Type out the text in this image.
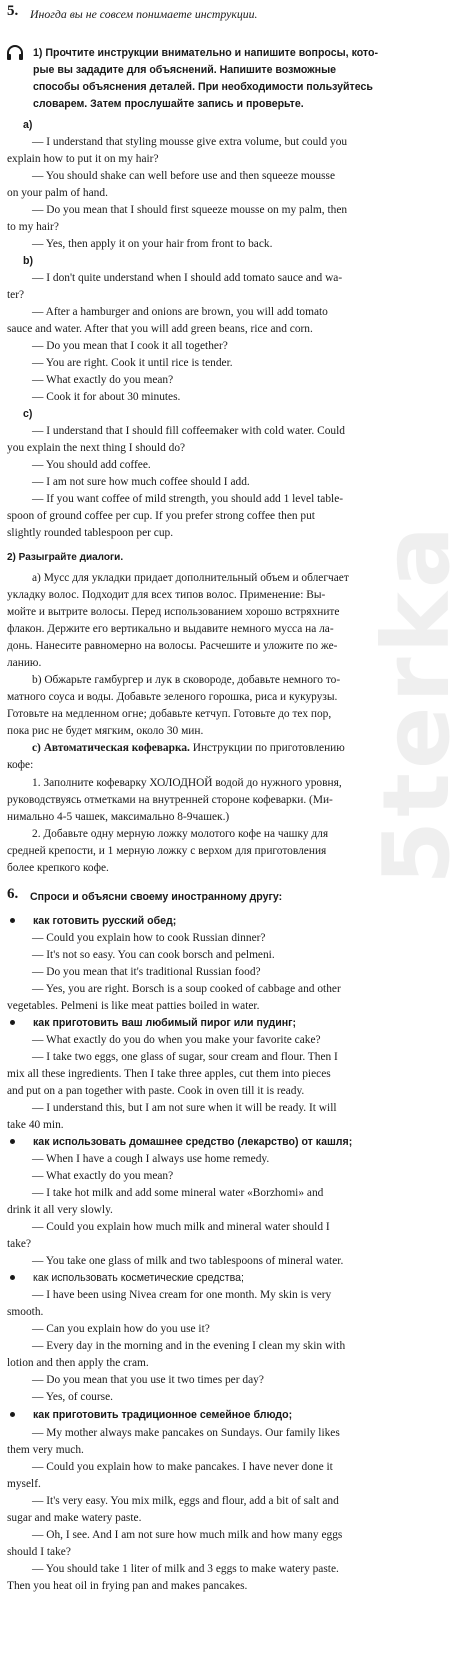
5terka
5. Иногда вы не совсем понимаете инструкции.
1) Прочтите инструкции внимательно и напишите вопросы, кото-
рые вы зададите для объяснений. Напишите возможные
способы объяснения деталей. При необходимости пользуйтесь
словарем. Затем прослушайте запись и проверьте.
a)
— I understand that styling mousse give extra volume, but could you
explain how to put it on my hair?
— You should shake can well before use and then squeeze mousse
on your palm of hand.
— Do you mean that I should first squeeze mousse on my palm, then
to my hair?
— Yes, then apply it on your hair from front to back.
b)
— I don't quite understand when I should add tomato sauce and wa-
ter?
— After a hamburger and onions are brown, you will add tomato
sauce and water. After that you will add green beans, rice and corn.
— Do you mean that I cook it all together?
— You are right. Cook it until rice is tender.
— What exactly do you mean?
— Cook it for about 30 minutes.
c)
— I understand that I should fill coffeemaker with cold water. Could
you explain the next thing I should do?
— You should add coffee.
— I am not sure how much coffee should I add.
— If you want coffee of mild strength, you should add 1 level table-
spoon of ground coffee per cup. If you prefer strong coffee then put
slightly rounded tablespoon per cup.
2) Разыграйте диалоги.
а) Мусс для укладки придает дополнительный объем и облегчает
укладку волос. Подходит для всех типов волос. Применение: Вы-
мойте и вытрите волосы. Перед использованием хорошо встряхните
флакон. Держите его вертикально и выдавите немного мусса на ла-
донь. Нанесите равномерно на волосы. Расчешите и уложите по же-
ланию.
b) Обжарьте гамбургер и лук в сковороде, добавьте немного то-
матного соуса и воды. Добавьте зеленого горошка, риса и кукурузы.
Готовьте на медленном огне; добавьте кетчуп. Готовьте до тех пор,
пока рис не будет мягким, около 30 мин.
с) Автоматическая кофеварка. Инструкции по приготовлению
кофе:
1. Заполните кофеварку ХОЛОДНОЙ водой до нужного уровня,
руководствуясь отметками на внутренней стороне кофеварки. (Ми-
нимально 4-5 чашек, максимально 8-9чашек.)
2. Добавьте одну мерную ложку молотого кофе на чашку для
средней крепости, и 1 мерную ложку с верхом для приготовления
более крепкого кофе.
6. Спроси и объясни своему иностранному другу:
как готовить русский обед;
— Could you explain how to cook Russian dinner?
— It's not so easy. You can cook borsch and pelmeni.
— Do you mean that it's traditional Russian food?
— Yes, you are right. Borsch is a soup cooked of cabbage and other
vegetables. Pelmeni is like meat patties boiled in water.
как приготовить ваш любимый пирог или пудинг;
— What exactly do you do when you make your favorite cake?
— I take two eggs, one glass of sugar, sour cream and flour. Then I
mix all these ingredients. Then I take three apples, cut them into pieces
and put on a pan together with paste. Cook in oven till it is ready.
— I understand this, but I am not sure when it will be ready. It will
take 40 min.
как использовать домашнее средство (лекарство) от кашля;
— When I have a cough I always use home remedy.
— What exactly do you mean?
— I take hot milk and add some mineral water «Borzhomi» and
drink it all very slowly.
— Could you explain how much milk and mineral water should I
take?
— You take one glass of milk and two tablespoons of mineral water.
как использовать косметические средства;
— I have been using Nivea cream for one month. My skin is very
smooth.
— Can you explain how do you use it?
— Every day in the morning and in the evening I clean my skin with
lotion and then apply the cram.
— Do you mean that you use it two times per day?
— Yes, of course.
как приготовить традиционное семейное блюдо;
— My mother always make pancakes on Sundays. Our family likes
them very much.
— Could you explain how to make pancakes. I have never done it
myself.
— It's very easy. You mix milk, eggs and flour, add a bit of salt and
sugar and make watery paste.
— Oh, I see. And I am not sure how much milk and how many eggs
should I take?
— You should take 1 liter of milk and 3 eggs to make watery paste.
Then you heat oil in frying pan and makes pancakes.
